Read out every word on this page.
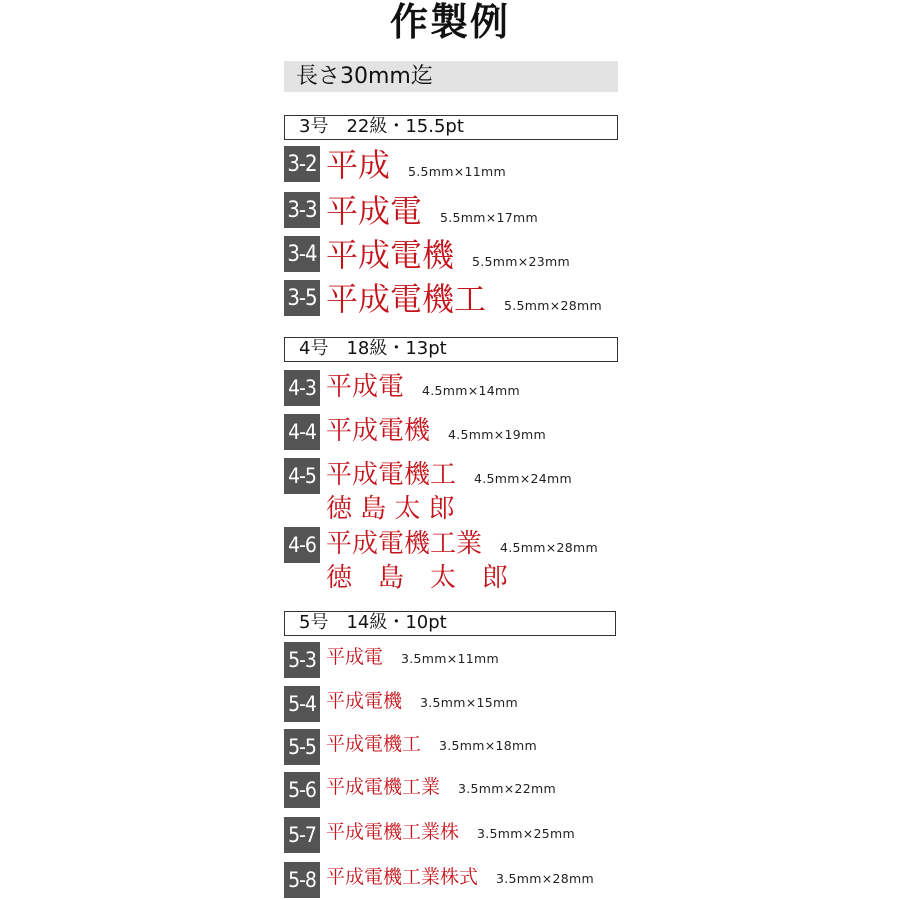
作製例
長さ30mm迄
3号　22級・15.5pt
3-2 平成 5.5mm×11mm
3-3 平成電 5.5mm×17mm
3-4 平成電機 5.5mm×23mm
3-5 平成電機工 5.5mm×28mm
4号　18級・13pt
4-3 平成電 4.5mm×14mm
4-4 平成電機 4.5mm×19mm
4-5 平成電機工 4.5mm×24mm
徳 島 太 郎
4-6 平成電機工業 4.5mm×28mm
徳　島　太　郎
5号　14級・10pt
5-3 平成電 3.5mm×11mm
5-4 平成電機 3.5mm×15mm
5-5 平成電機工 3.5mm×18mm
5-6 平成電機工業 3.5mm×22mm
5-7 平成電機工業株 3.5mm×25mm
5-8 平成電機工業株式 3.5mm×28mm
